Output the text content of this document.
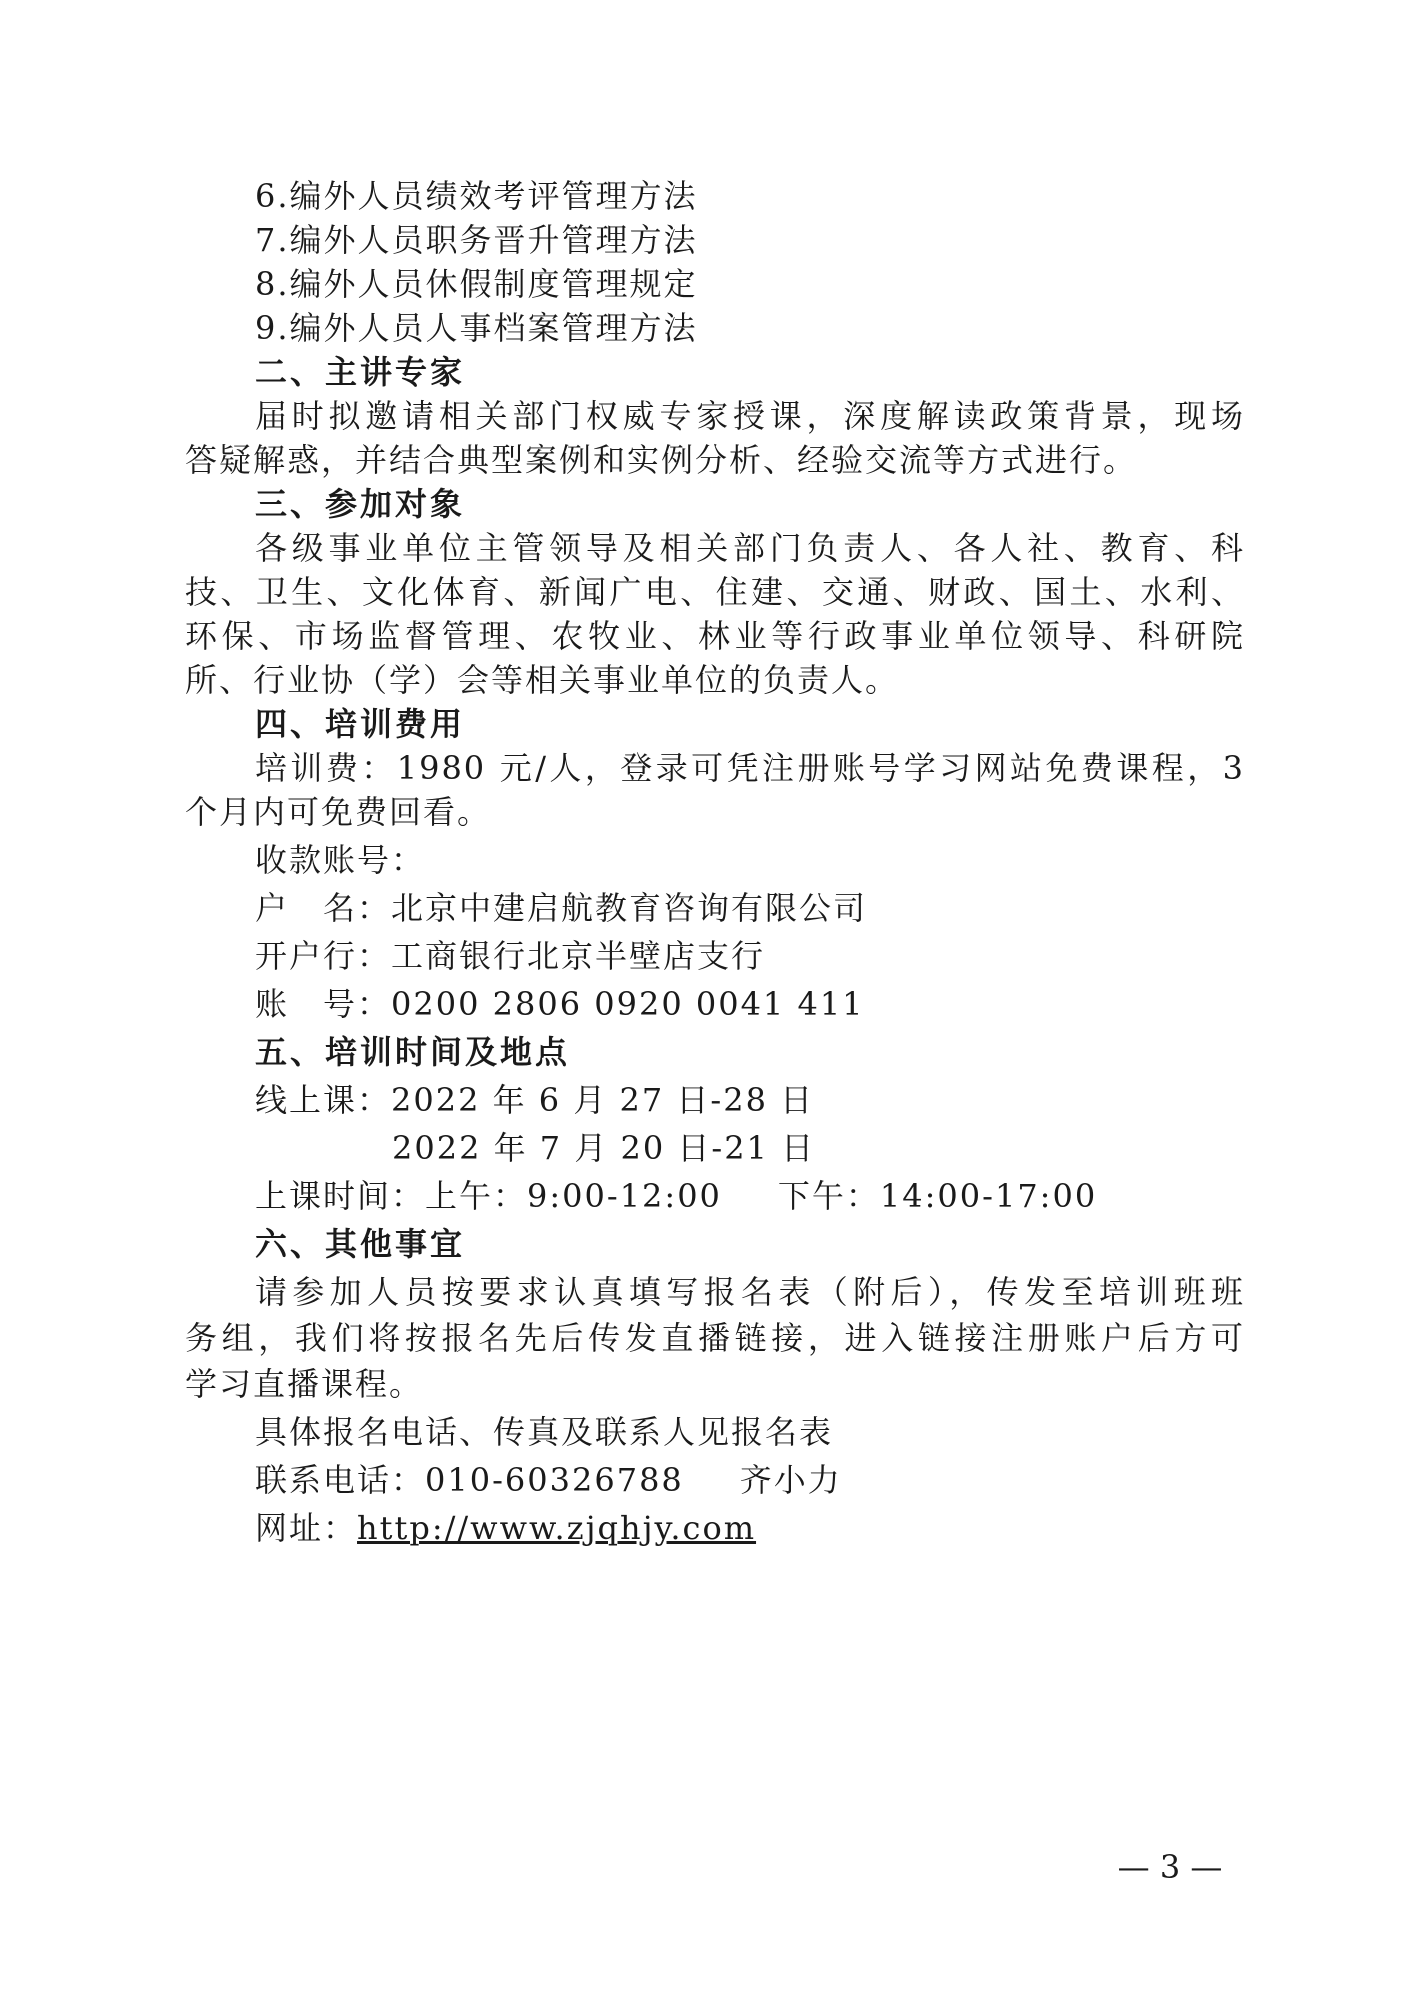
6.编外人员绩效考评管理方法
7.编外人员职务晋升管理方法
8.编外人员休假制度管理规定
9.编外人员人事档案管理方法
二、主讲专家
届时拟邀请相关部门权威专家授课，深度解读政策背景，现场
答疑解惑，并结合典型案例和实例分析、经验交流等方式进行。
三、参加对象
各级事业单位主管领导及相关部门负责人、各人社、教育、科
技、卫生、文化体育、新闻广电、住建、交通、财政、国土、水利、
环保、市场监督管理、农牧业、林业等行政事业单位领导、科研院
所、行业协（学）会等相关事业单位的负责人。
四、培训费用
培训费：1980 元/人，登录可凭注册账号学习网站免费课程，3
个月内可免费回看。
收款账号：
户　名：北京中建启航教育咨询有限公司
开户行：工商银行北京半壁店支行
账　号：0200 2806 0920 0041 411
五、培训时间及地点
线上课：2022 年 6 月 27 日-28 日
2022 年 7 月 20 日-21 日
上课时间：上午：9:00-12:00 下午：14:00-17:00
六、其他事宜
请参加人员按要求认真填写报名表（附后），传发至培训班班
务组，我们将按报名先后传发直播链接，进入链接注册账户后方可
学习直播课程。
具体报名电话、传真及联系人见报名表
联系电话：010-60326788 齐小力
网址：http://www.zjqhjy.com
— 3 —
